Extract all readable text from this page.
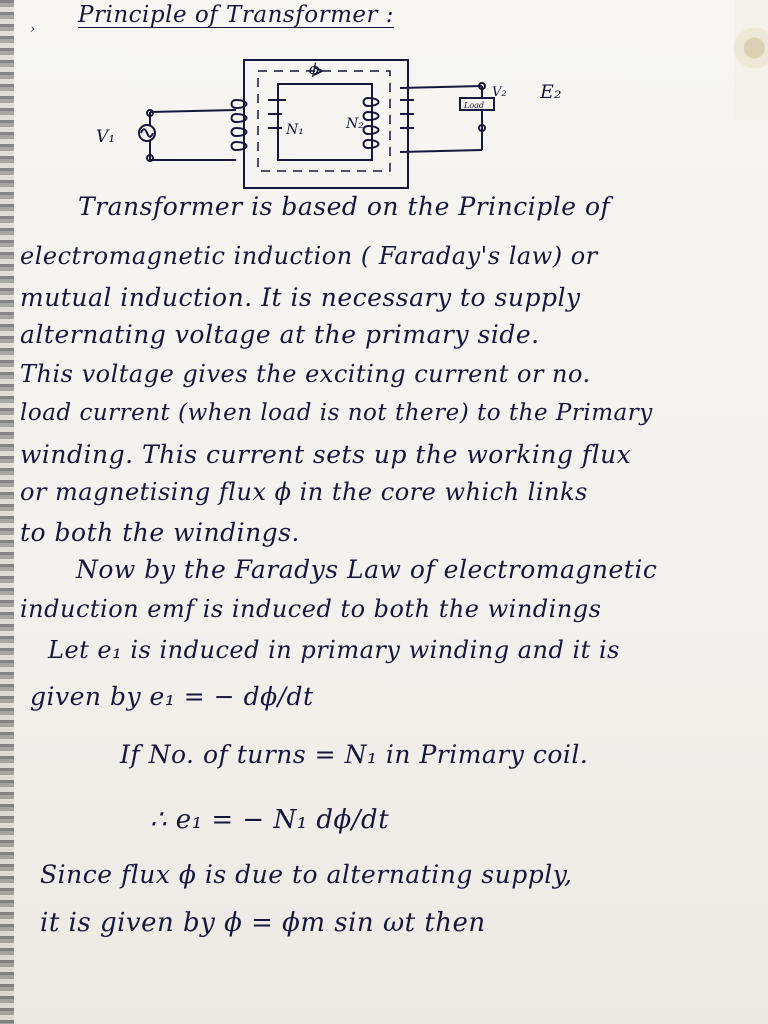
›

Principle of Transformer :

ϕ
V₁	N₁	N₂
V₂ E₂
Load

Transformer is based on the Principle of

electromagnetic induction ( Faraday's law) or

mutual induction. It is necessary to supply

alternating voltage at the primary side.

This voltage gives the exciting current or no.

load current (when load is not there) to the Primary

winding. This current sets up the working flux

or magnetising flux ϕ in the core which links

to both the windings.

Now by the Faradys Law of electromagnetic

induction emf is induced to both the windings

Let e₁ is induced in primary winding and it is

given by e₁ = − dϕ/dt

If No. of turns = N₁ in Primary coil.

∴ e₁ = − N₁ dϕ/dt

Since flux ϕ is due to alternating supply,

it is given by ϕ = ϕm sin ωt then
